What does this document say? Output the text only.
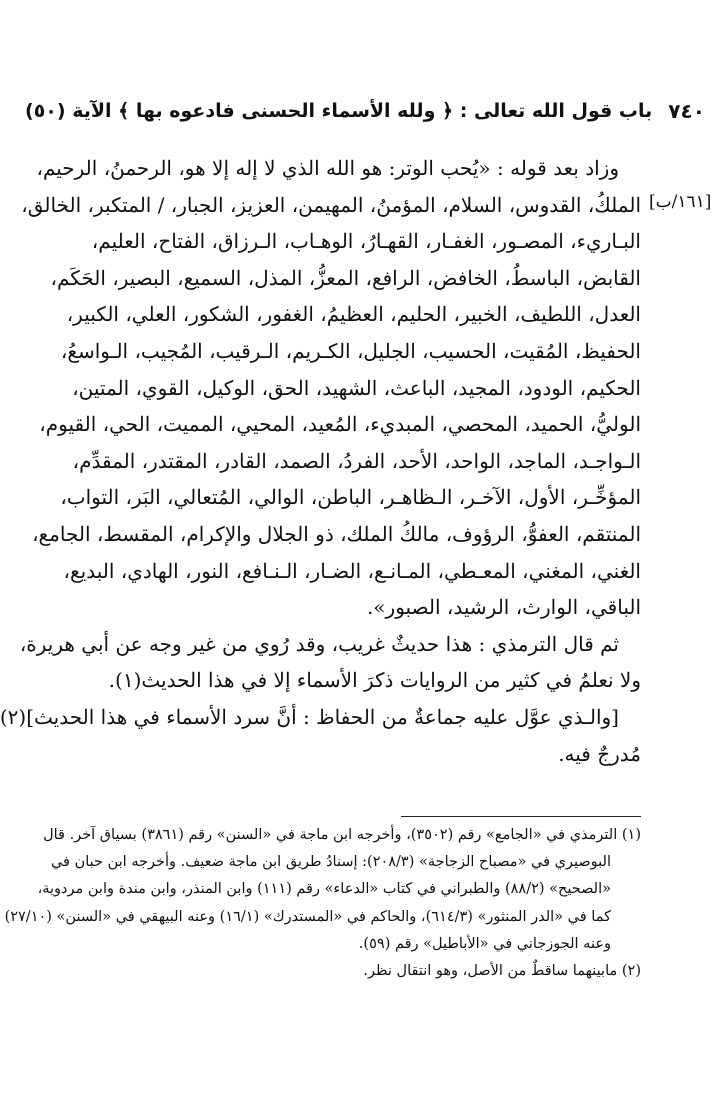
باب قول الله تعالى : ﴿ ولله الأسماء الحسنى فادعوه بها ﴾ الآية (٥٠) ٧٤٠
[١٦١/ب]

وزاد بعد قوله : «يُحب الوتر: هو الله الذي لا إله إلا هو، الرحمنُ، الرحيم،
الملكُ، القدوس، السلام، المؤمنُ، المهيمن، العزيز، الجبار، / المتكبر، الخالق،
البـاريء، المصـور، الغفـار، القهـارُ، الوهـاب، الـرزاق، الفتاح، العليم،
القابض، الباسطُ، الخافض، الرافع، المعزُّ، المذل، السميع، البصير، الحَكَم،
العدل، اللطيف، الخبير، الحليم، العظيمُ، الغفور، الشكور، العلي، الكبير،
الحفيظ، المُقيت، الحسيب، الجليل، الكـريم، الـرقيب، المُجيب، الـواسعُ،
الحكيم، الودود، المجيد، الباعث، الشهيد، الحق، الوكيل، القوي، المتين،
الوليُّ، الحميد، المحصي، المبديء، المُعيد، المحيي، المميت، الحي، القيوم،
الـواجـد، الماجد، الواحد، الأحد، الفردُ، الصمد، القادر، المقتدر، المقدِّم،
المؤخِّـر، الأول، الآخـر، الـظاهـر، الباطن، الوالي، المُتعالي، البَر، التواب،
المنتقم، العفوُّ، الرؤوف، مالكُ الملك، ذو الجلال والإكرام، المقسط، الجامع،
الغني، المغني، المعـطي، المـانـع، الضـار، الـنـافع، النور، الهادي، البديع،
الباقي، الوارث، الرشيد، الصبور».

ثم قال الترمذي : هذا حديثٌ غريب، وقد رُوي من غير وجه عن أبي هريرة،
ولا نعلمُ في كثير من الروايات ذكرَ الأسماء إلا في هذا الحديث(١).

[والـذي عوَّل عليه جماعةٌ من الحفاظ : أنَّ سرد الأسماء في هذا الحديث](٢)
مُدرجٌ فيه.

(١) الترمذي في «الجامع» رقم (٣٥٠٢)، وأخرجه ابن ماجة في «السنن» رقم (٣٨٦١) بسياق آخر. قال
البوصيري في «مصباح الزجاجة» (٢٠٨/٣): إسنادُ طريق ابن ماجة ضعيف. وأخرجه ابن حبان في
«الصحيح» (٨٨/٢) والطبراني في كتاب «الدعاء» رقم (١١١) وابن المنذر، وابن مندة وابن مردوية،
كما في «الدر المنثور» (٦١٤/٣)، والحاكم في «المستدرك» (١٦/١) وعنه البيهقي في «السنن» (٢٧/١٠)
وعنه الجوزجاني في «الأباطيل» رقم (٥٩).
(٢) مابينهما ساقطٌ من الأصل، وهو انتقال نظر.
